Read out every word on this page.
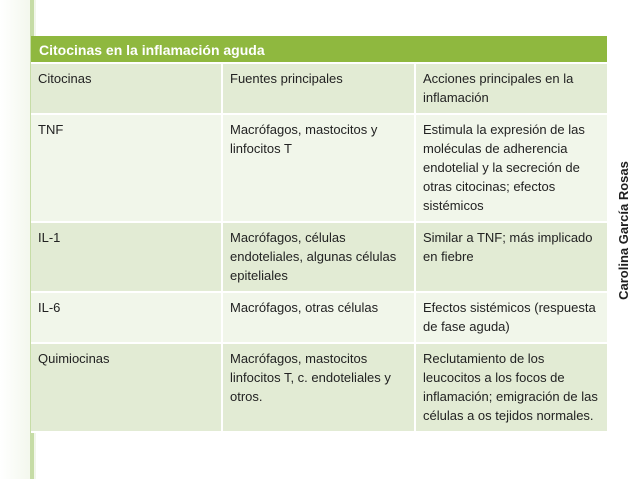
Citocinas en la inflamación aguda
Citocinas	Fuentes principales	Acciones principales en la inflamación
TNF	Macrófagos, mastocitos y linfocitos T	Estimula la expresión de las moléculas de adherencia endotelial y la secreción de otras citocinas; efectos sistémicos
IL-1	Macrófagos, células endoteliales, algunas células epiteliales	Similar a TNF; más implicado en fiebre
IL-6	Macrófagos, otras células	Efectos sistémicos (respuesta de fase aguda)
Quimiocinas	Macrófagos, mastocitos linfocitos T, c. endoteliales y otros.	Reclutamiento de los leucocitos a los focos de inflamación; emigración de las células a os tejidos normales.
Carolina García Rosas
